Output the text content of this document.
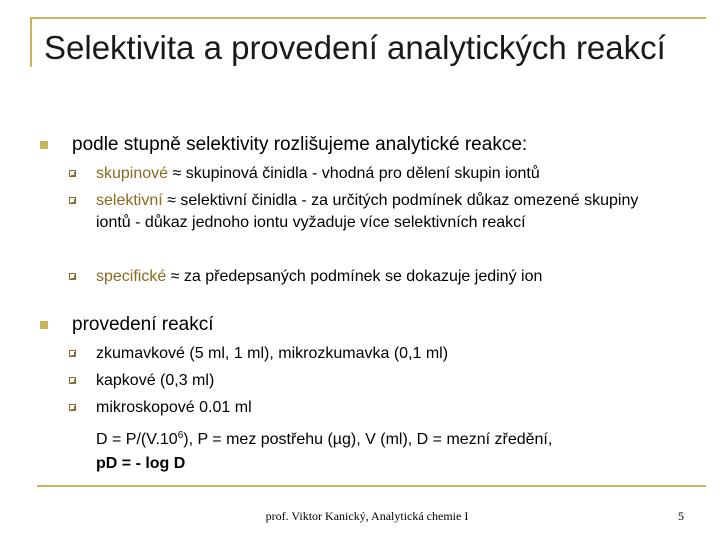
Selektivita a provedení analytických reakcí
podle stupně selektivity rozlišujeme analytické reakce:
skupinové ≈ skupinová činidla - vhodná pro dělení skupin iontů
selektivní ≈ selektivní činidla - za určitých podmínek důkaz omezené skupiny iontů - důkaz jednoho iontu vyžaduje více selektivních reakcí
specifické ≈ za předepsaných podmínek se dokazuje jediný ion
provedení reakcí
zkumavkové (5 ml, 1 ml), mikrozkumavka (0,1 ml)
kapkové (0,3 ml)
mikroskopové 0.01 ml
$D = P/(V.10^6)$, P = mez postřehu (µg), V (ml), D = mezní zředění,
pD = - log D
prof. Viktor Kanický, Analytická chemie I	5
